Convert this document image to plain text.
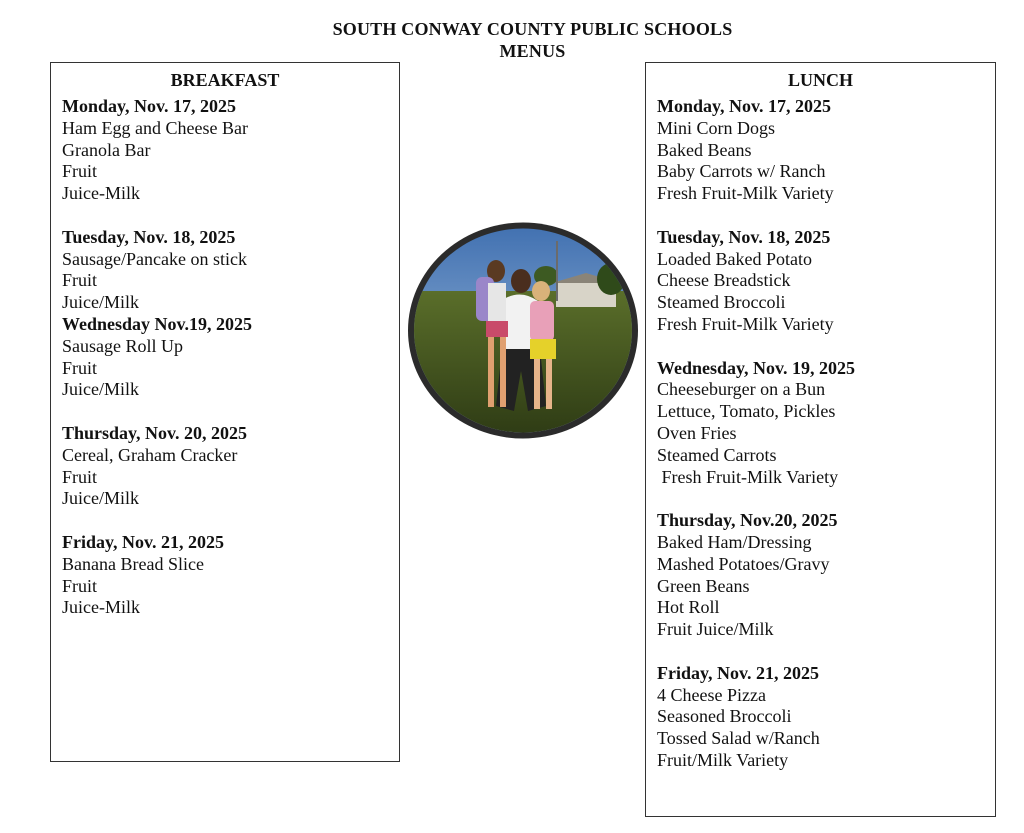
SOUTH CONWAY COUNTY PUBLIC SCHOOLS
MENUS
BREAKFAST
Monday, Nov. 17, 2025
Ham Egg and Cheese Bar
Granola Bar
Fruit
Juice-Milk
Tuesday, Nov. 18, 2025
Sausage/Pancake on stick
Fruit
Juice/Milk
Wednesday Nov.19, 2025
Sausage Roll Up
Fruit
Juice/Milk
Thursday, Nov. 20, 2025
Cereal, Graham Cracker
Fruit
Juice/Milk
Friday, Nov. 21, 2025
Banana Bread Slice
Fruit
Juice-Milk
LUNCH
Monday, Nov. 17, 2025
Mini Corn Dogs
Baked Beans
Baby Carrots w/ Ranch
Fresh Fruit-Milk Variety
Tuesday, Nov. 18, 2025
Loaded Baked Potato
Cheese Breadstick
Steamed Broccoli
Fresh Fruit-Milk Variety
Wednesday, Nov. 19, 2025
Cheeseburger on a Bun
Lettuce, Tomato, Pickles
Oven Fries
Steamed Carrots
Fresh Fruit-Milk Variety
Thursday, Nov.20, 2025
Baked Ham/Dressing
Mashed Potatoes/Gravy
Green Beans
Hot Roll
Fruit Juice/Milk
Friday, Nov. 21, 2025
4 Cheese Pizza
Seasoned Broccoli
Tossed Salad w/Ranch
Fruit/Milk Variety
